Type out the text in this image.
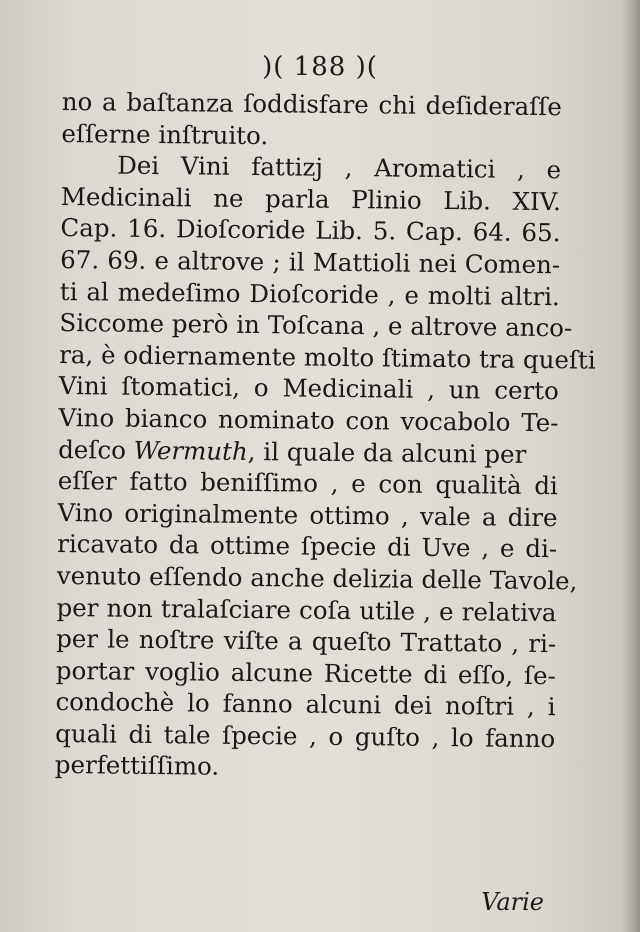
)( 188 )(
no a baſtanza ſoddisfare chi deſideraſſe
eſſerne inſtruito.
Dei Vini fattizj , Aromatici , e
Medicinali ne parla Plinio Lib. XIV.
Cap. 16. Dioſcoride Lib. 5. Cap. 64. 65.
67. 69. e altrove ; il Mattioli nei Comen-
ti al medeſimo Dioſcoride , e molti altri.
Siccome però in Toſcana , e altrove anco-
ra, è odiernamente molto ſtimato tra queſti
Vini ſtomatici, o Medicinali , un certo
Vino bianco nominato con vocabolo Te-
deſco Wermuth, il quale da alcuni per
eſſer fatto beniſſimo , e con qualità di
Vino originalmente ottimo , vale a dire
ricavato da ottime ſpecie di Uve , e di-
venuto eſſendo anche delizia delle Tavole,
per non tralaſciare coſa utile , e relativa
per le noſtre viſte a queſto Trattato , ri-
portar voglio alcune Ricette di eſſo, ſe-
condochè lo fanno alcuni dei noſtri , i
quali di tale ſpecie , o guſto , lo fanno
perfettiſſimo.
Varie
